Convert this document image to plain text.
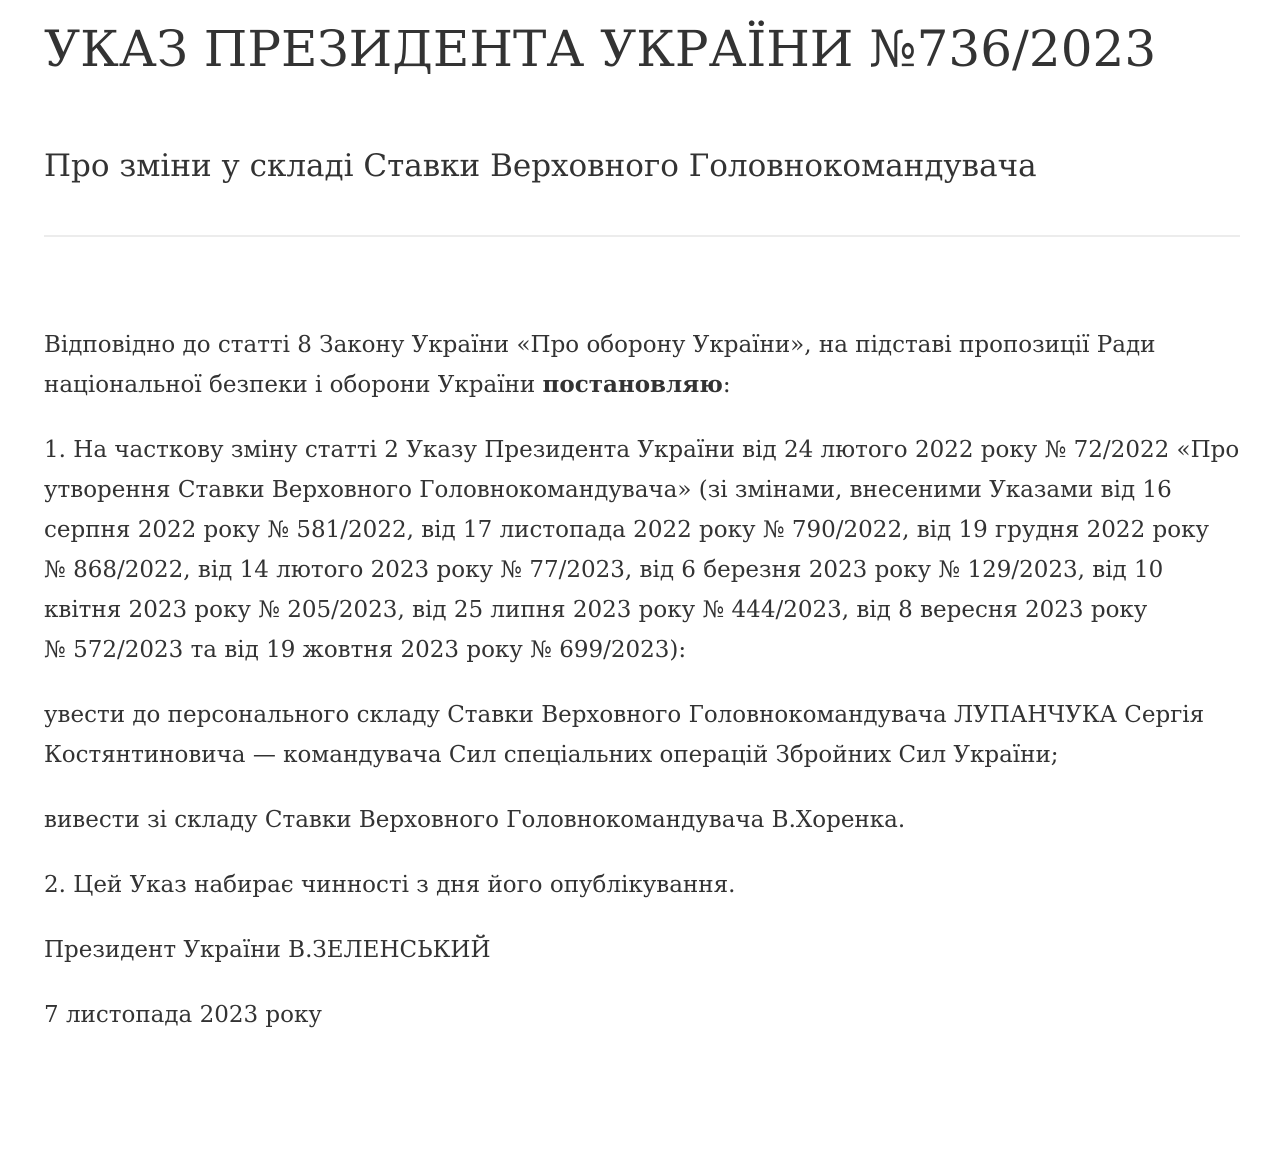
УКАЗ ПРЕЗИДЕНТА УКРАЇНИ №736/2023
Про зміни у складі Ставки Верховного Головнокомандувача

Відповідно до статті 8 Закону України «Про оборону України», на підставі пропозиції Ради національної безпеки і оборони України постановляю:

1. На часткову зміну статті 2 Указу Президента України від 24 лютого 2022 року № 72/2022 «Про утворення Ставки Верховного Головнокомандувача» (зі змінами, внесеними Указами від 16 серпня 2022 року № 581/2022, від 17 листопада 2022 року № 790/2022, від 19 грудня 2022 року № 868/2022, від 14 лютого 2023 року № 77/2023, від 6 березня 2023 року № 129/2023, від 10 квітня 2023 року № 205/2023, від 25 липня 2023 року № 444/2023, від 8 вересня 2023 року № 572/2023 та від 19 жовтня 2023 року № 699/2023):

увести до персонального складу Ставки Верховного Головнокомандувача ЛУПАНЧУКА Сергія Костянтиновича — командувача Сил спеціальних операцій Збройних Сил України;

вивести зі складу Ставки Верховного Головнокомандувача В.Хоренка.

2. Цей Указ набирає чинності з дня його опублікування.

Президент України В.ЗЕЛЕНСЬКИЙ

7 листопада 2023 року
